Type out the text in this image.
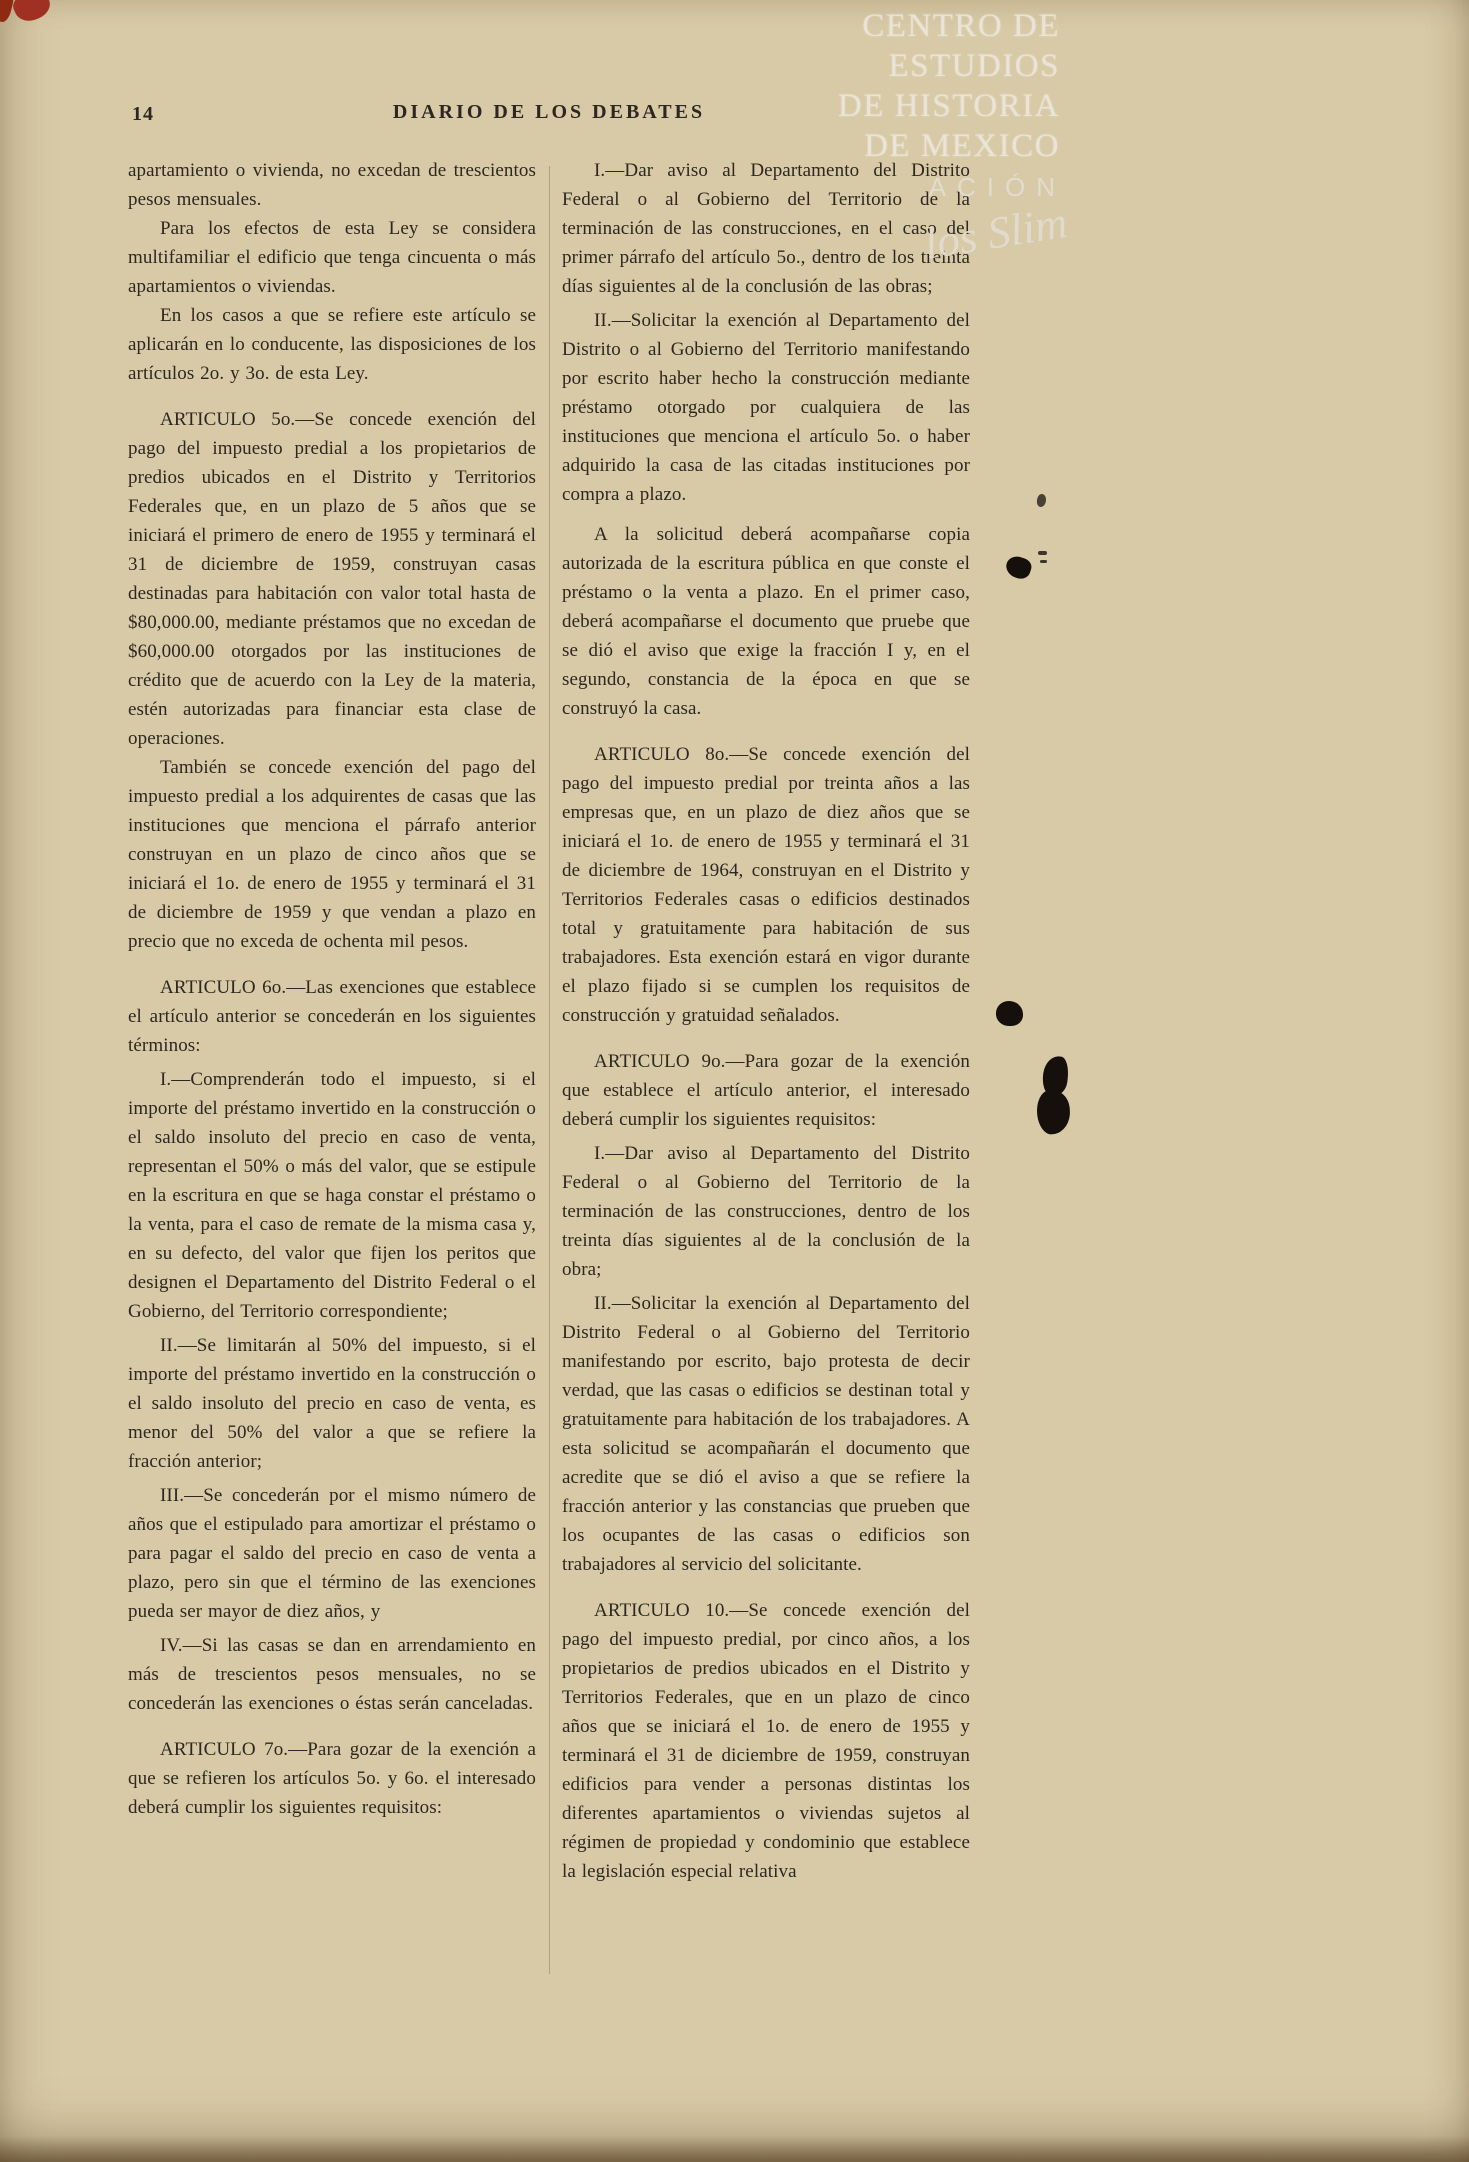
14	DIARIO DE LOS DEBATES
CENTRO DE
ESTUDIOS
DE HISTORIA
DE MEXICO
ACIÓN
los Slim

apartamiento o vivienda, no excedan de trescientos pesos mensuales.

Para los efectos de esta Ley se considera multifamiliar el edificio que tenga cincuenta o más apartamientos o viviendas.

En los casos a que se refiere este artículo se aplicarán en lo conducente, las disposiciones de los artículos 2o. y 3o. de esta Ley.

ARTICULO 5o.—Se concede exención del pago del impuesto predial a los propietarios de predios ubicados en el Distrito y Territorios Federales que, en un plazo de 5 años que se iniciará el primero de enero de 1955 y terminará el 31 de diciembre de 1959, construyan casas destinadas para habitación con valor total hasta de $80,000.00, mediante préstamos que no excedan de $60,000.00 otorgados por las instituciones de crédito que de acuerdo con la Ley de la materia, estén autorizadas para financiar esta clase de operaciones.

También se concede exención del pago del impuesto predial a los adquirentes de casas que las instituciones que menciona el párrafo anterior construyan en un plazo de cinco años que se iniciará el 1o. de enero de 1955 y terminará el 31 de diciembre de 1959 y que vendan a plazo en precio que no exceda de ochenta mil pesos.

ARTICULO 6o.—Las exenciones que establece el artículo anterior se concederán en los siguientes términos:

I.—Comprenderán todo el impuesto, si el importe del préstamo invertido en la construcción o el saldo insoluto del precio en caso de venta, representan el 50% o más del valor, que se estipule en la escritura en que se haga constar el préstamo o la venta, para el caso de remate de la misma casa y, en su defecto, del valor que fijen los peritos que designen el Departamento del Distrito Federal o el Gobierno, del Territorio correspondiente;

II.—Se limitarán al 50% del impuesto, si el importe del préstamo invertido en la construcción o el saldo insoluto del precio en caso de venta, es menor del 50% del valor a que se refiere la fracción anterior;

III.—Se concederán por el mismo número de años que el estipulado para amortizar el préstamo o para pagar el saldo del precio en caso de venta a plazo, pero sin que el término de las exenciones pueda ser mayor de diez años, y

IV.—Si las casas se dan en arrendamiento en más de trescientos pesos mensuales, no se concederán las exenciones o éstas serán canceladas.

ARTICULO 7o.—Para gozar de la exención a que se refieren los artículos 5o. y 6o. el interesado deberá cumplir los siguientes requisitos:

I.—Dar aviso al Departamento del Distrito Federal o al Gobierno del Territorio de la terminación de las construcciones, en el caso del primer párrafo del artículo 5o., dentro de los treinta días siguientes al de la conclusión de las obras;

II.—Solicitar la exención al Departamento del Distrito o al Gobierno del Territorio manifestando por escrito haber hecho la construcción mediante préstamo otorgado por cualquiera de las instituciones que menciona el artículo 5o. o haber adquirido la casa de las citadas instituciones por compra a plazo.

A la solicitud deberá acompañarse copia autorizada de la escritura pública en que conste el préstamo o la venta a plazo. En el primer caso, deberá acompañarse el documento que pruebe que se dió el aviso que exige la fracción I y, en el segundo, constancia de la época en que se construyó la casa.

ARTICULO 8o.—Se concede exención del pago del impuesto predial por treinta años a las empresas que, en un plazo de diez años que se iniciará el 1o. de enero de 1955 y terminará el 31 de diciembre de 1964, construyan en el Distrito y Territorios Federales casas o edificios destinados total y gratuitamente para habitación de sus trabajadores. Esta exención estará en vigor durante el plazo fijado si se cumplen los requisitos de construcción y gratuidad señalados.

ARTICULO 9o.—Para gozar de la exención que establece el artículo anterior, el interesado deberá cumplir los siguientes requisitos:

I.—Dar aviso al Departamento del Distrito Federal o al Gobierno del Territorio de la terminación de las construcciones, dentro de los treinta días siguientes al de la conclusión de la obra;

II.—Solicitar la exención al Departamento del Distrito Federal o al Gobierno del Territorio manifestando por escrito, bajo protesta de decir verdad, que las casas o edificios se destinan total y gratuitamente para habitación de los trabajadores. A esta solicitud se acompañarán el documento que acredite que se dió el aviso a que se refiere la fracción anterior y las constancias que prueben que los ocupantes de las casas o edificios son trabajadores al servicio del solicitante.

ARTICULO 10.—Se concede exención del pago del impuesto predial, por cinco años, a los propietarios de predios ubicados en el Distrito y Territorios Federales, que en un plazo de cinco años que se iniciará el 1o. de enero de 1955 y terminará el 31 de diciembre de 1959, construyan edificios para vender a personas distintas los diferentes apartamientos o viviendas sujetos al régimen de propiedad y condominio que establece la legislación especial relativa
